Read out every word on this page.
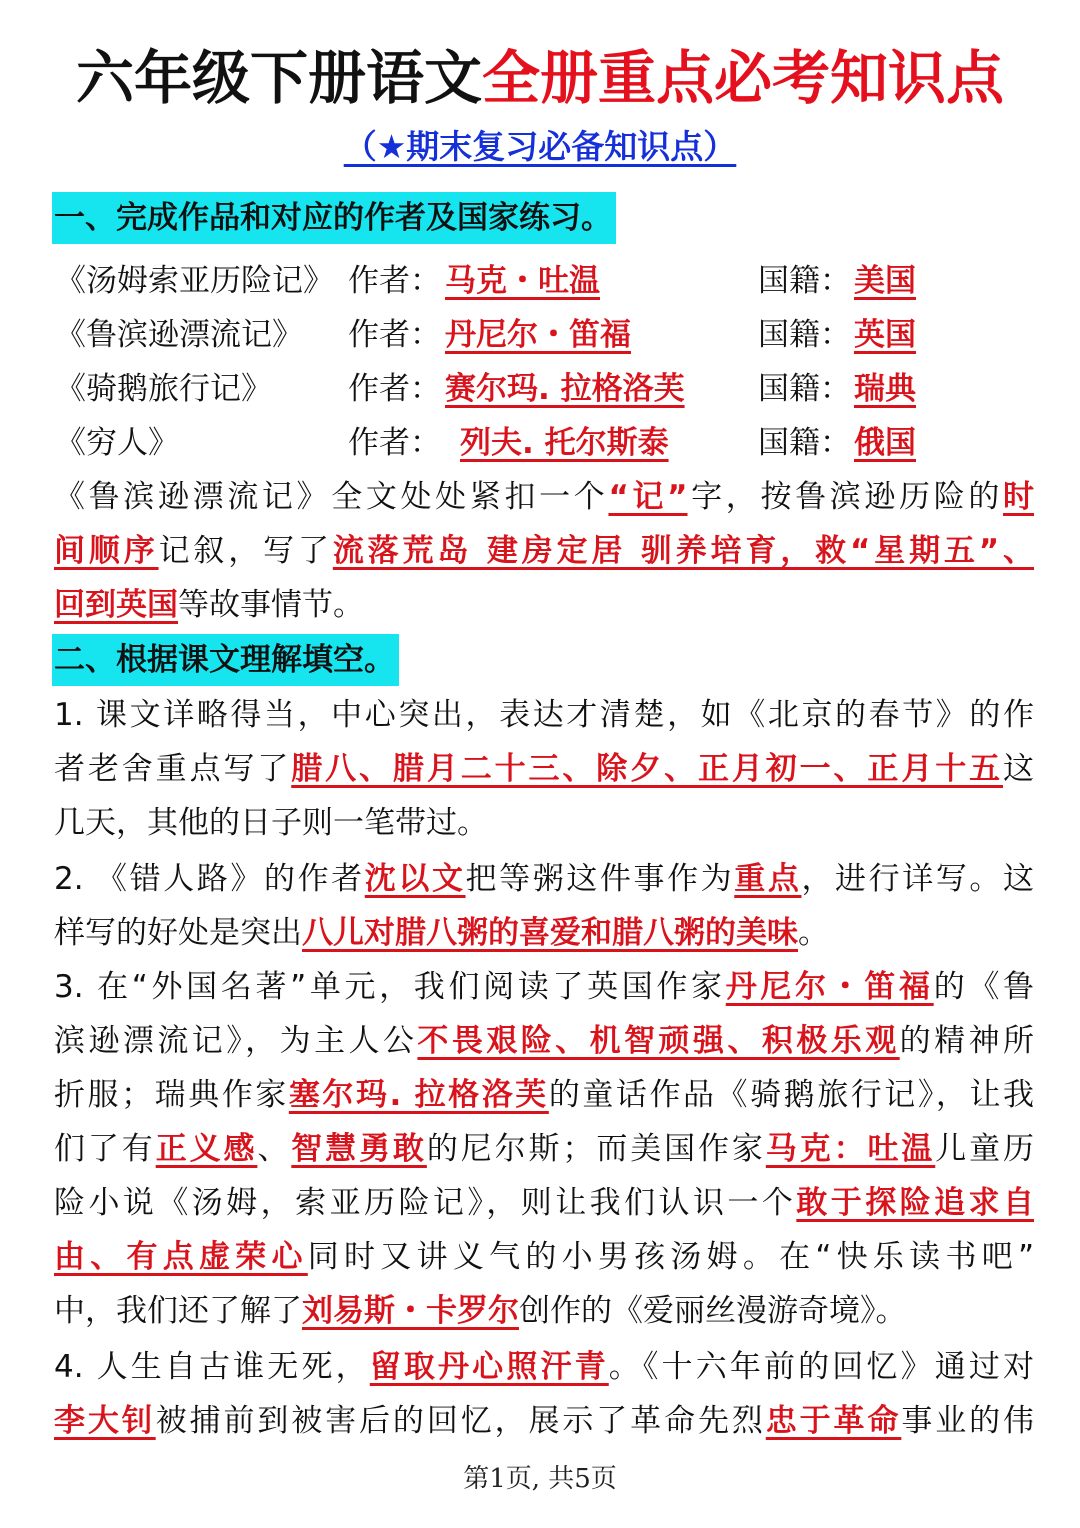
六年级下册语文全册重点必考知识点
（★期末复习必备知识点）
一、完成作品和对应的作者及国家练习。
《汤姆索亚历险记》 作者： 马克・吐温	国籍： 美国
《鲁滨逊漂流记》 作者： 丹尼尔・笛福	国籍： 英国
《骑鹅旅行记》 作者： 赛尔玛. 拉格洛芙 国籍： 瑞典
《穷人》	作者： 列夫. 托尔斯泰	国籍： 俄国
《鲁滨逊漂流记》全文处处紧扣一个“记”字，按鲁滨逊历险的时
间顺序记叙，写了流落荒岛 建房定居 驯养培育，救“星期五”、
回到英国等故事情节。
二、根据课文理解填空。
1. 课文详略得当，中心突出，表达才清楚，如《北京的春节》的作
者老舍重点写了腊八、腊月二十三、除夕、正月初一、正月十五这
几天，其他的日子则一笔带过。
2. 《错人路》的作者沈以文把等粥这件事作为重点，进行详写。这
样写的好处是突出八儿对腊八粥的喜爱和腊八粥的美味。
3. 在“外国名著”单元，我们阅读了英国作家丹尼尔・笛福的《鲁
滨逊漂流记》，为主人公不畏艰险、机智顽强、积极乐观的精神所
折服；瑞典作家塞尔玛. 拉格洛芙的童话作品《骑鹅旅行记》，让我
们了有正义感、智慧勇敢的尼尔斯；而美国作家马克：吐温儿童历
险小说《汤姆，索亚历险记》，则让我们认识一个敢于探险追求自
由、有点虚荣心同时又讲义气的小男孩汤姆。在“快乐读书吧”
中，我们还了解了刘易斯・卡罗尔创作的《爱丽丝漫游奇境》。
4. 人生自古谁无死，留取丹心照汗青。《十六年前的回忆》通过对
李大钊被捕前到被害后的回忆，展示了革命先烈忠于革命事业的伟
第1页, 共5页
